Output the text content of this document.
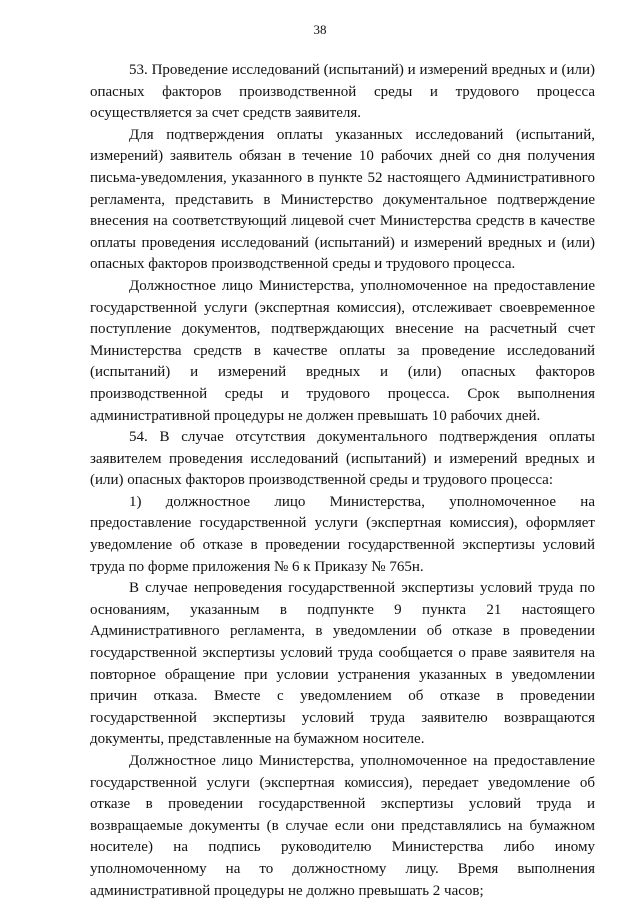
38

53. Проведение исследований (испытаний) и измерений вредных и (или) опасных факторов производственной среды и трудового процесса осуществляется за счет средств заявителя.

Для подтверждения оплаты указанных исследований (испытаний, измерений) заявитель обязан в течение 10 рабочих дней со дня получения письма-уведомления, указанного в пункте 52 настоящего Административного регламента, представить в Министерство документальное подтверждение внесения на соответствующий лицевой счет Министерства средств в качестве оплаты проведения исследований (испытаний) и измерений вредных и (или) опасных факторов производственной среды и трудового процесса.

Должностное лицо Министерства, уполномоченное на предоставление государственной услуги (экспертная комиссия), отслеживает своевременное поступление документов, подтверждающих внесение на расчетный счет Министерства средств в качестве оплаты за проведение исследований (испытаний) и измерений вредных и (или) опасных факторов производственной среды и трудового процесса. Срок выполнения административной процедуры не должен превышать 10 рабочих дней.

54. В случае отсутствия документального подтверждения оплаты заявителем проведения исследований (испытаний) и измерений вредных и (или) опасных факторов производственной среды и трудового процесса:

1) должностное лицо Министерства, уполномоченное на предоставление государственной услуги (экспертная комиссия), оформляет уведомление об отказе в проведении государственной экспертизы условий труда по форме приложения № 6 к Приказу № 765н.

В случае непроведения государственной экспертизы условий труда по основаниям, указанным в подпункте 9 пункта 21 настоящего Административного регламента, в уведомлении об отказе в проведении государственной экспертизы условий труда сообщается о праве заявителя на повторное обращение при условии устранения указанных в уведомлении причин отказа. Вместе с уведомлением об отказе в проведении государственной экспертизы условий труда заявителю возвращаются документы, представленные на бумажном носителе.

Должностное лицо Министерства, уполномоченное на предоставление государственной услуги (экспертная комиссия), передает уведомление об отказе в проведении государственной экспертизы условий труда и возвращаемые документы (в случае если они представлялись на бумажном носителе) на подпись руководителю Министерства либо иному уполномоченному на то должностному лицу. Время выполнения административной процедуры не должно превышать 2 часов;
